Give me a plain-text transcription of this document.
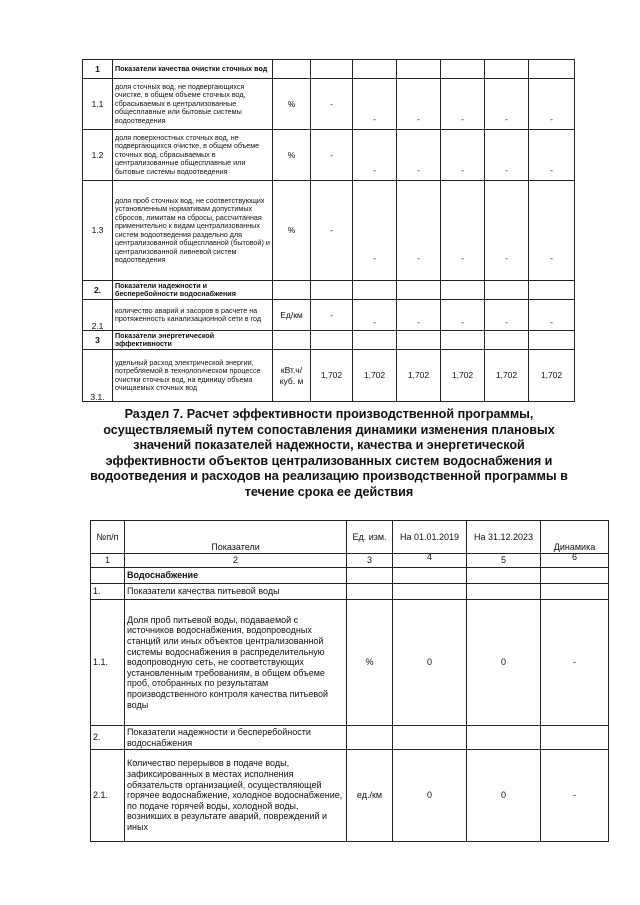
1	Показатели качества очистки сточных вод							
1.1	доля сточных вод, не подвергающихся очистке, в общем объеме сточных вод, сбрасываемых в централизованные общесплавные или бытовые системы водоотведения	%	-	-	-	-	-	-
1.2	доля поверхностных сточных вод, не подвергающихся очистке, в общем объеме сточных вод, сбрасываемых в централизованные общесплавные или бытовые системы водоотведения	%	-	-	-	-	-	-
1.3	доля проб сточных вод, не соответствующих установленным нормативам допустимых сбросов, лимитам на сбросы, рассчитанная применительно к видам централизованных систем водоотведения раздельно для централизованной общесплавной (бытовой) и централизованной ливневой систем водоотведения	%	-	-	-	-	-	-
2.	Показатели надежности и бесперебойности водоснабжения							
2.1	количество аварий и засоров в расчете на протяженность канализационной сети в год	Ед/км	-	-	-	-	-	-
3	Показатели энергетической эффективности							
3.1.	удельный расход электрической энергии, потребляемой в технологическом процессе очистки сточных вод, на единицу объема очищаемых сточных вод	кВт.ч/куб. м	1,702	1,702	1,702	1,702	1,702	1,702
Раздел 7. Расчет эффективности производственной программы, осуществляемый путем сопоставления динамики изменения плановых значений показателей надежности, качества и энергетической эффективности объектов централизованных систем водоснабжения и водоотведения и расходов на реализацию производственной программы в течение срока ее действия
№п/п	Показатели	Ед. изм.	На 01.01.2019	На 31.12.2023	Динамика
1	2	3	4	5	6
	Водоснабжение				
1.	Показатели качества питьевой воды				
1.1.	Доля проб питьевой воды, подаваемой с источников водоснабжения, водопроводных станций или иных объектов централизованной системы водоснабжения в распределительную водопроводную сеть, не соответствующих установленным требованиям, в общем объеме проб, отобранных по результатам производственного контроля качества питьевой воды	%	0	0	-
2.	Показатели надежности и бесперебойности водоснабжения				
2.1.	Количество перерывов в подаче воды, зафиксированных в местах исполнения обязательств организацией, осуществляющей горячее водоснабжение, холодное водоснабжение, по подаче горячей воды, холодной воды, возникших в результате аварий, повреждений и иных	ед./км	0	0	-
